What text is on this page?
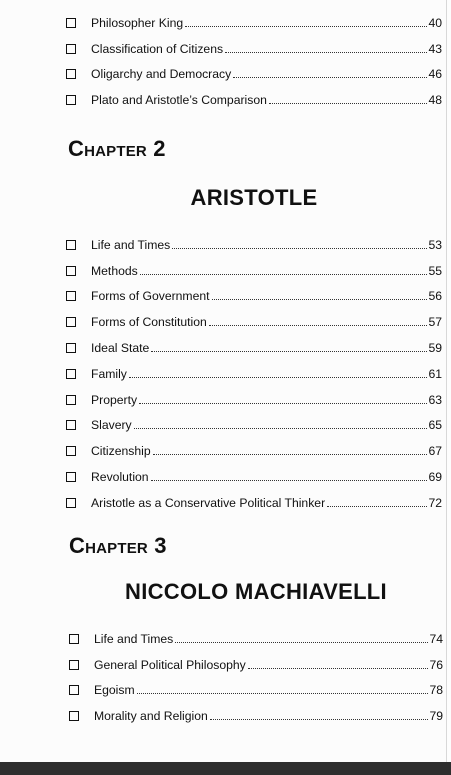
Philosopher King	40
Classification of Citizens	43
Oligarchy and Democracy	46
Plato and Aristotle’s Comparison	48
Chapter 2
ARISTOTLE
Life and Times	53
Methods	55
Forms of Government	56
Forms of Constitution	57
Ideal State	59
Family	61
Property	63
Slavery	65
Citizenship	67
Revolution	69
Aristotle as a Conservative Political Thinker	72
Chapter 3
NICCOLO MACHIAVELLI
Life and Times	74
General Political Philosophy	76
Egoism	78
Morality and Religion	79
